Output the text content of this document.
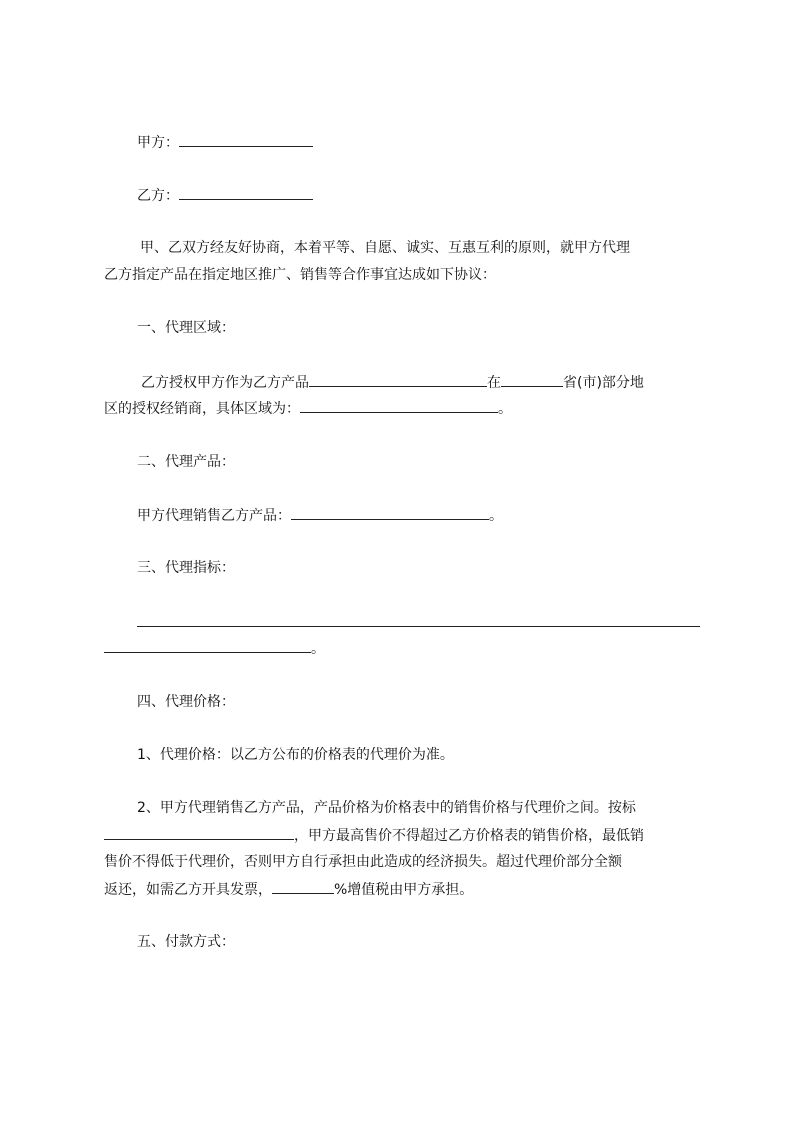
甲方：
乙方：
甲、乙双方经友好协商，本着平等、自愿、诚实、互惠互利的原则，就甲方代理
乙方指定产品在指定地区推广、销售等合作事宜达成如下协议：
一、代理区域：
乙方授权甲方作为乙方产品	在	省(市)部分地
区的授权经销商，具体区域为：	。
二、代理产品：
甲方代理销售乙方产品：	。
三、代理指标：
。
四、代理价格：
1、代理价格：以乙方公布的价格表的代理价为准。
2、甲方代理销售乙方产品，产品价格为价格表中的销售价格与代理价之间。按标
，甲方最高售价不得超过乙方价格表的销售价格，最低销
售价不得低于代理价，否则甲方自行承担由此造成的经济损失。超过代理价部分全额
返还，如需乙方开具发票，	%增值税由甲方承担。
五、付款方式：
